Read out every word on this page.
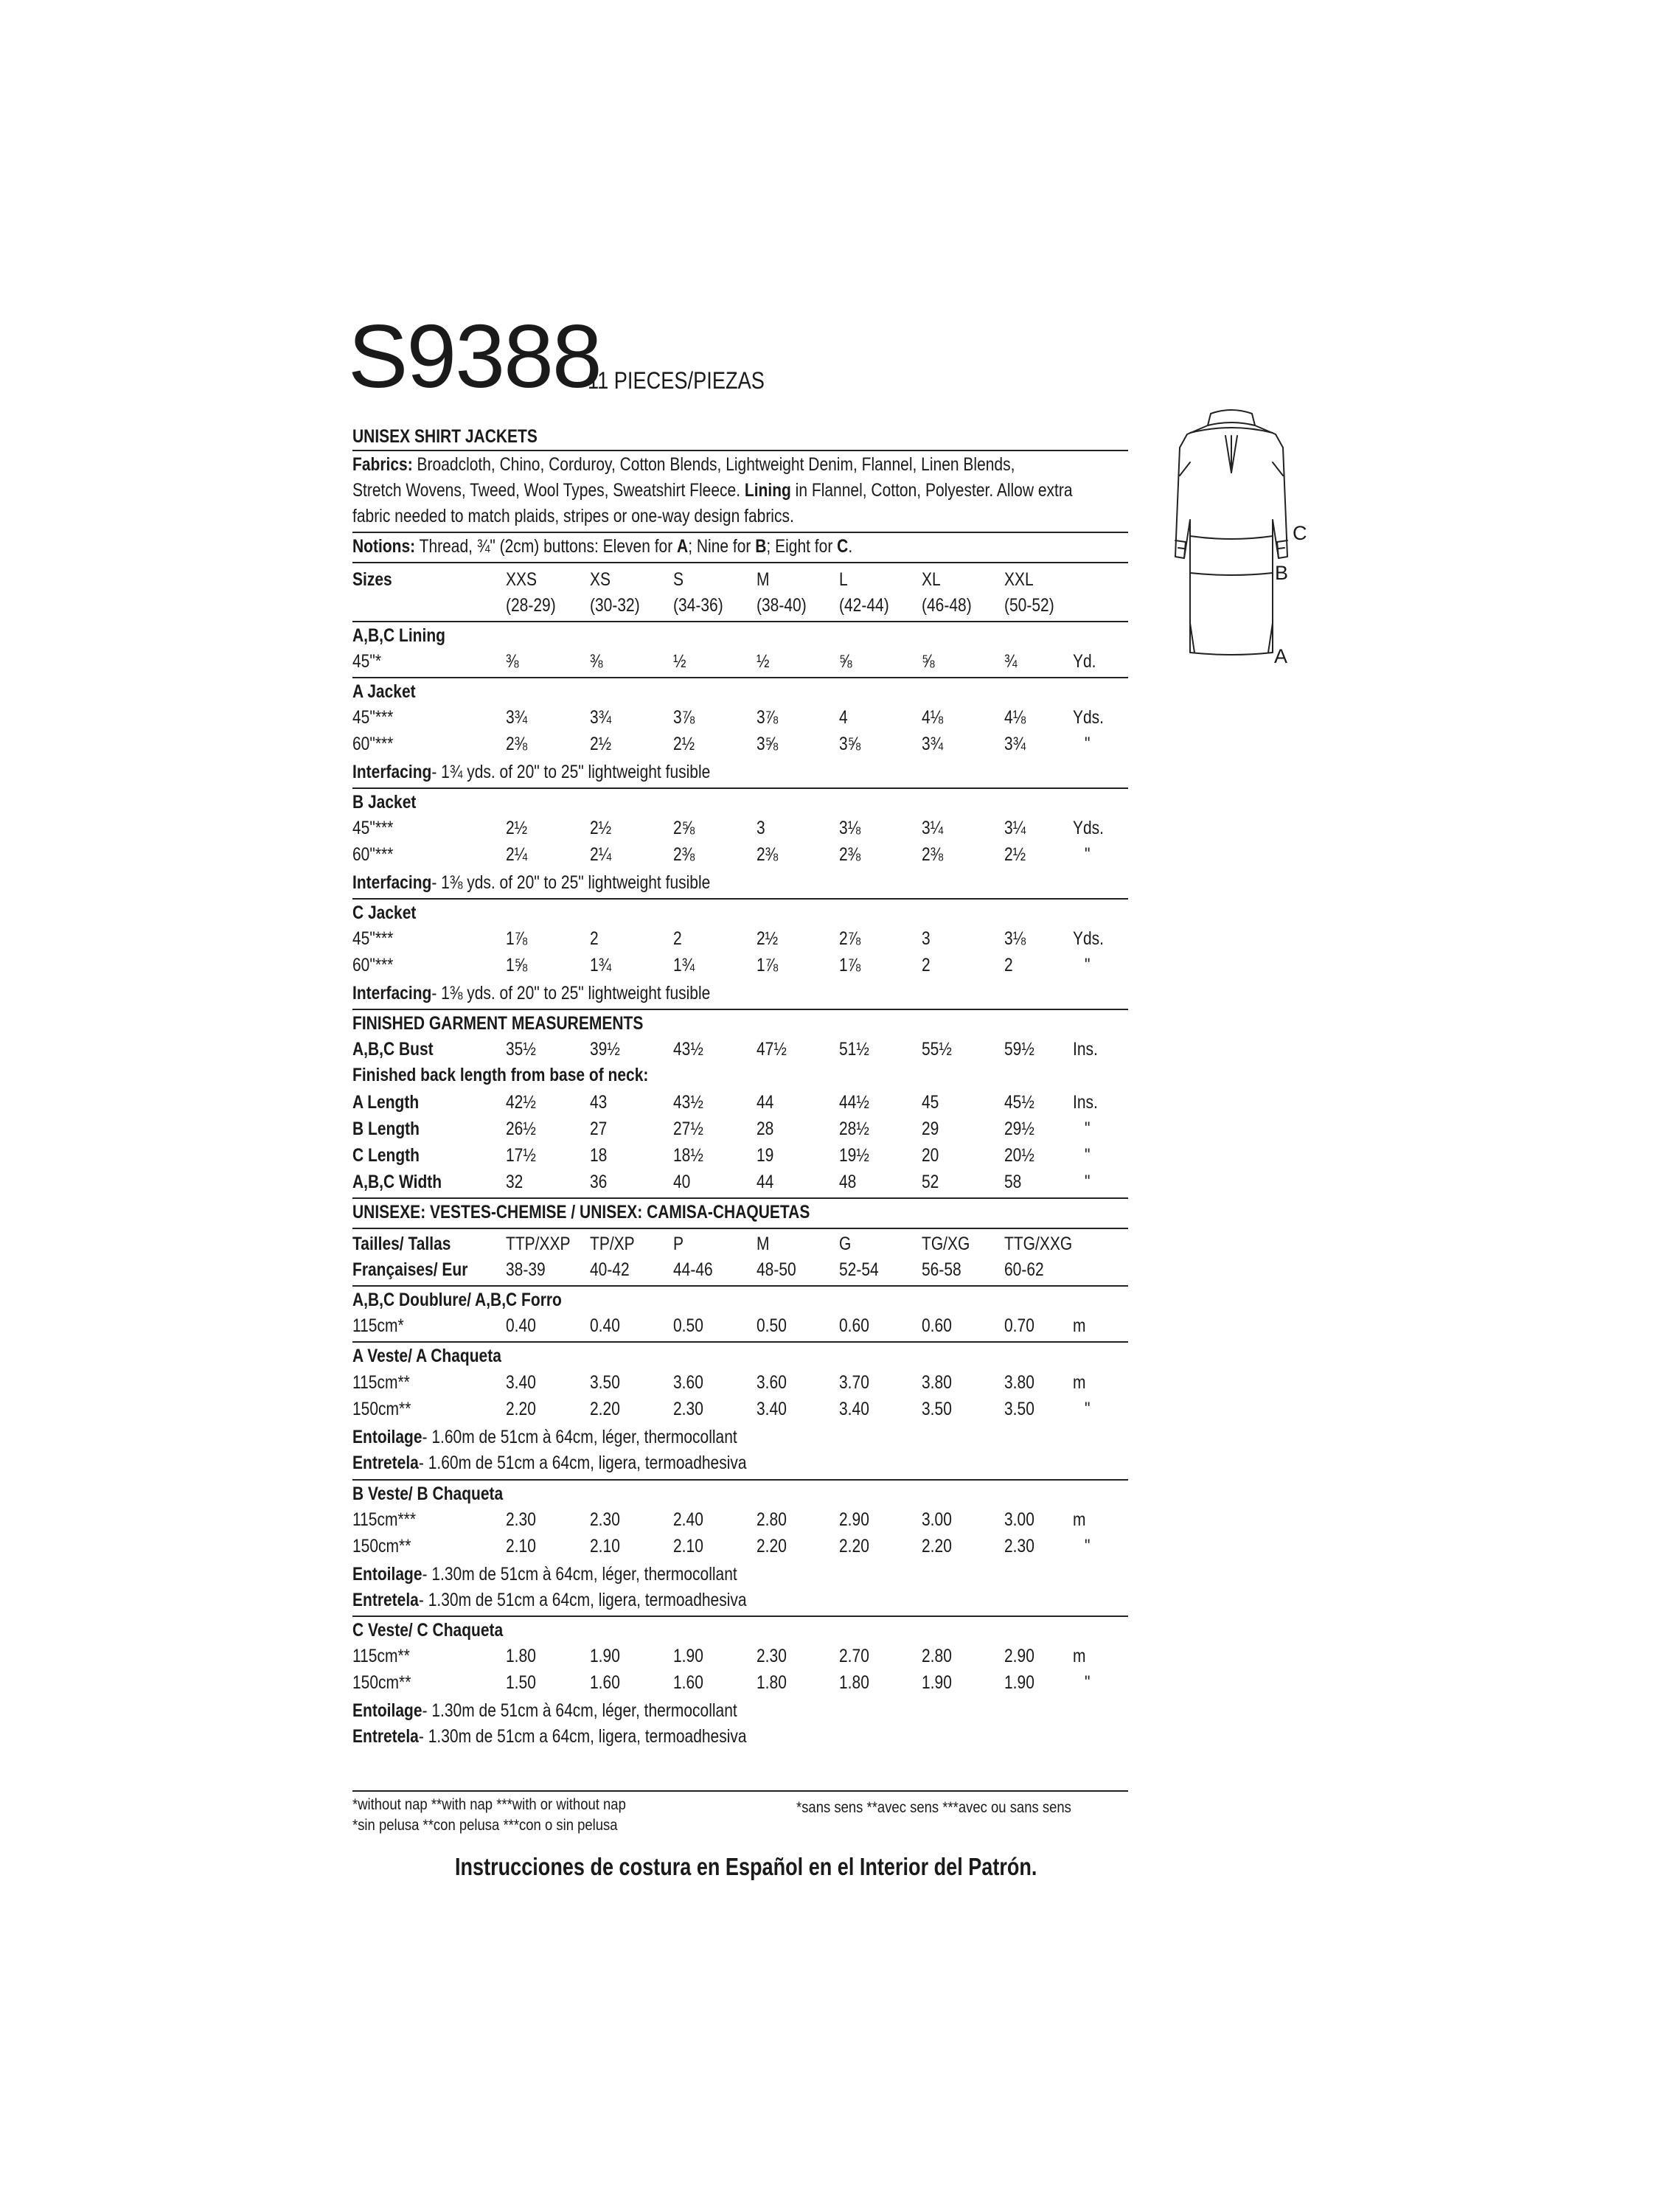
S9388
11 PIECES/PIEZAS
UNISEX SHIRT JACKETS
Fabrics: Broadcloth, Chino, Corduroy, Cotton Blends, Lightweight Denim, Flannel, Linen Blends,
Stretch Wovens, Tweed, Wool Types, Sweatshirt Fleece. Lining in Flannel, Cotton, Polyester. Allow extra
fabric needed to match plaids, stripes or one-way design fabrics.
Notions: Thread, ¾" (2cm) buttons: Eleven for A; Nine for B; Eight for C.
Sizes	XXS	XS	S	M	L	XL	XXL
(28-29) (30-32) (34-36) (38-40) (42-44) (46-48) (50-52)
A,B,C Lining
45"*	⅜	⅜	½	½	⅝	⅝	¾	Yd.
A Jacket
45"***	3¾	3¾	3⅞	3⅞	4	4⅛	4⅛	Yds.
60"***	2⅜	2½	2½	3⅝	3⅝	3¾	3¾	"
Interfacing- 1¾ yds. of 20" to 25" lightweight fusible
B Jacket
45"***	2½	2½	2⅝	3	3⅛	3¼	3¼	Yds.
60"***	2¼	2¼	2⅜	2⅜	2⅜	2⅜	2½	"
Interfacing- 1⅜ yds. of 20" to 25" lightweight fusible
C Jacket
45"***	1⅞	2	2	2½	2⅞	3	3⅛	Yds.
60"***	1⅝	1¾	1¾	1⅞	1⅞	2	2	"
Interfacing- 1⅜ yds. of 20" to 25" lightweight fusible
FINISHED GARMENT MEASUREMENTS
A,B,C Bust	35½	39½	43½	47½	51½	55½	59½ Ins.
Finished back length from base of neck:
A Length	42½	43	43½	44	44½	45	45½ Ins.
B Length	26½	27	27½	28	28½	29	29½	"
C Length	17½	18	18½	19	19½	20	20½	"
A,B,C Width	32	36	40	44	48	52	58	"
UNISEXE: VESTES-CHEMISE / UNISEX: CAMISA-CHAQUETAS
Tailles/ Tallas	TTP/XXP TP/XP P	M	G	TG/XG TTG/XXG
Françaises/ Eur 38-39 40-42 44-46 48-50 52-54 56-58 60-62
A,B,C Doublure/ A,B,C Forro
115cm*	0.40	0.40	0.50	0.50	0.60	0.60	0.70 m
A Veste/ A Chaqueta
115cm**	3.40	3.50	3.60	3.60	3.70	3.80	3.80 m
150cm**	2.20	2.20	2.30	3.40	3.40	3.50	3.50	"
Entoilage- 1.60m de 51cm à 64cm, léger, thermocollant
Entretela- 1.60m de 51cm a 64cm, ligera, termoadhesiva
B Veste/ B Chaqueta
115cm***	2.30	2.30	2.40	2.80	2.90	3.00	3.00 m
150cm**	2.10	2.10	2.10	2.20	2.20	2.20	2.30	"
Entoilage- 1.30m de 51cm à 64cm, léger, thermocollant
Entretela- 1.30m de 51cm a 64cm, ligera, termoadhesiva
C Veste/ C Chaqueta
115cm**	1.80	1.90	1.90	2.30	2.70	2.80	2.90 m
150cm**	1.50	1.60	1.60	1.80	1.80	1.90	1.90	"
Entoilage- 1.30m de 51cm à 64cm, léger, thermocollant
Entretela- 1.30m de 51cm a 64cm, ligera, termoadhesiva
*without nap **with nap ***with or without nap
*sin pelusa **con pelusa ***con o sin pelusa
*sans sens **avec sens ***avec ou sans sens
Instrucciones de costura en Español en el Interior del Patrón.
C
B
A
